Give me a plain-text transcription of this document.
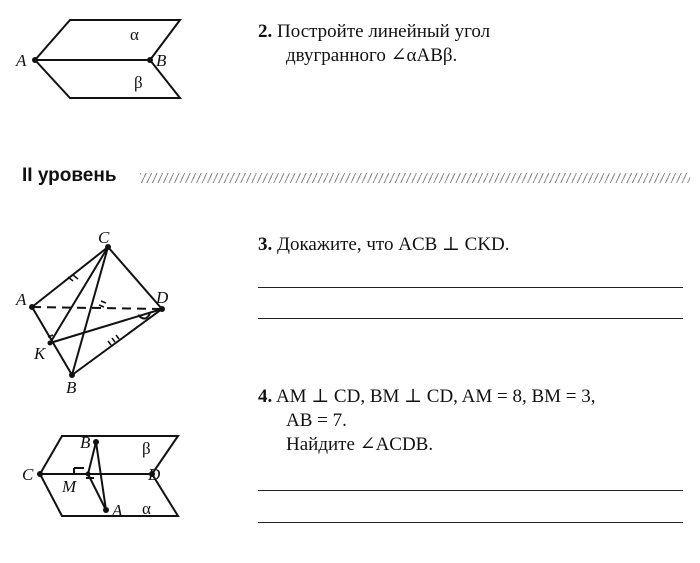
A	B
α
β
2. Постройте линейный угол
двугранного ∠αABβ.
II уровень
C
A	D
K
B
3. Докажите, что ACB ⊥ CKD.
4. AM ⊥ CD, BM ⊥ CD, AM = 8, BM = 3,
AB = 7.
Найдите ∠ACDB.
C	D
B
M
A
β
α
